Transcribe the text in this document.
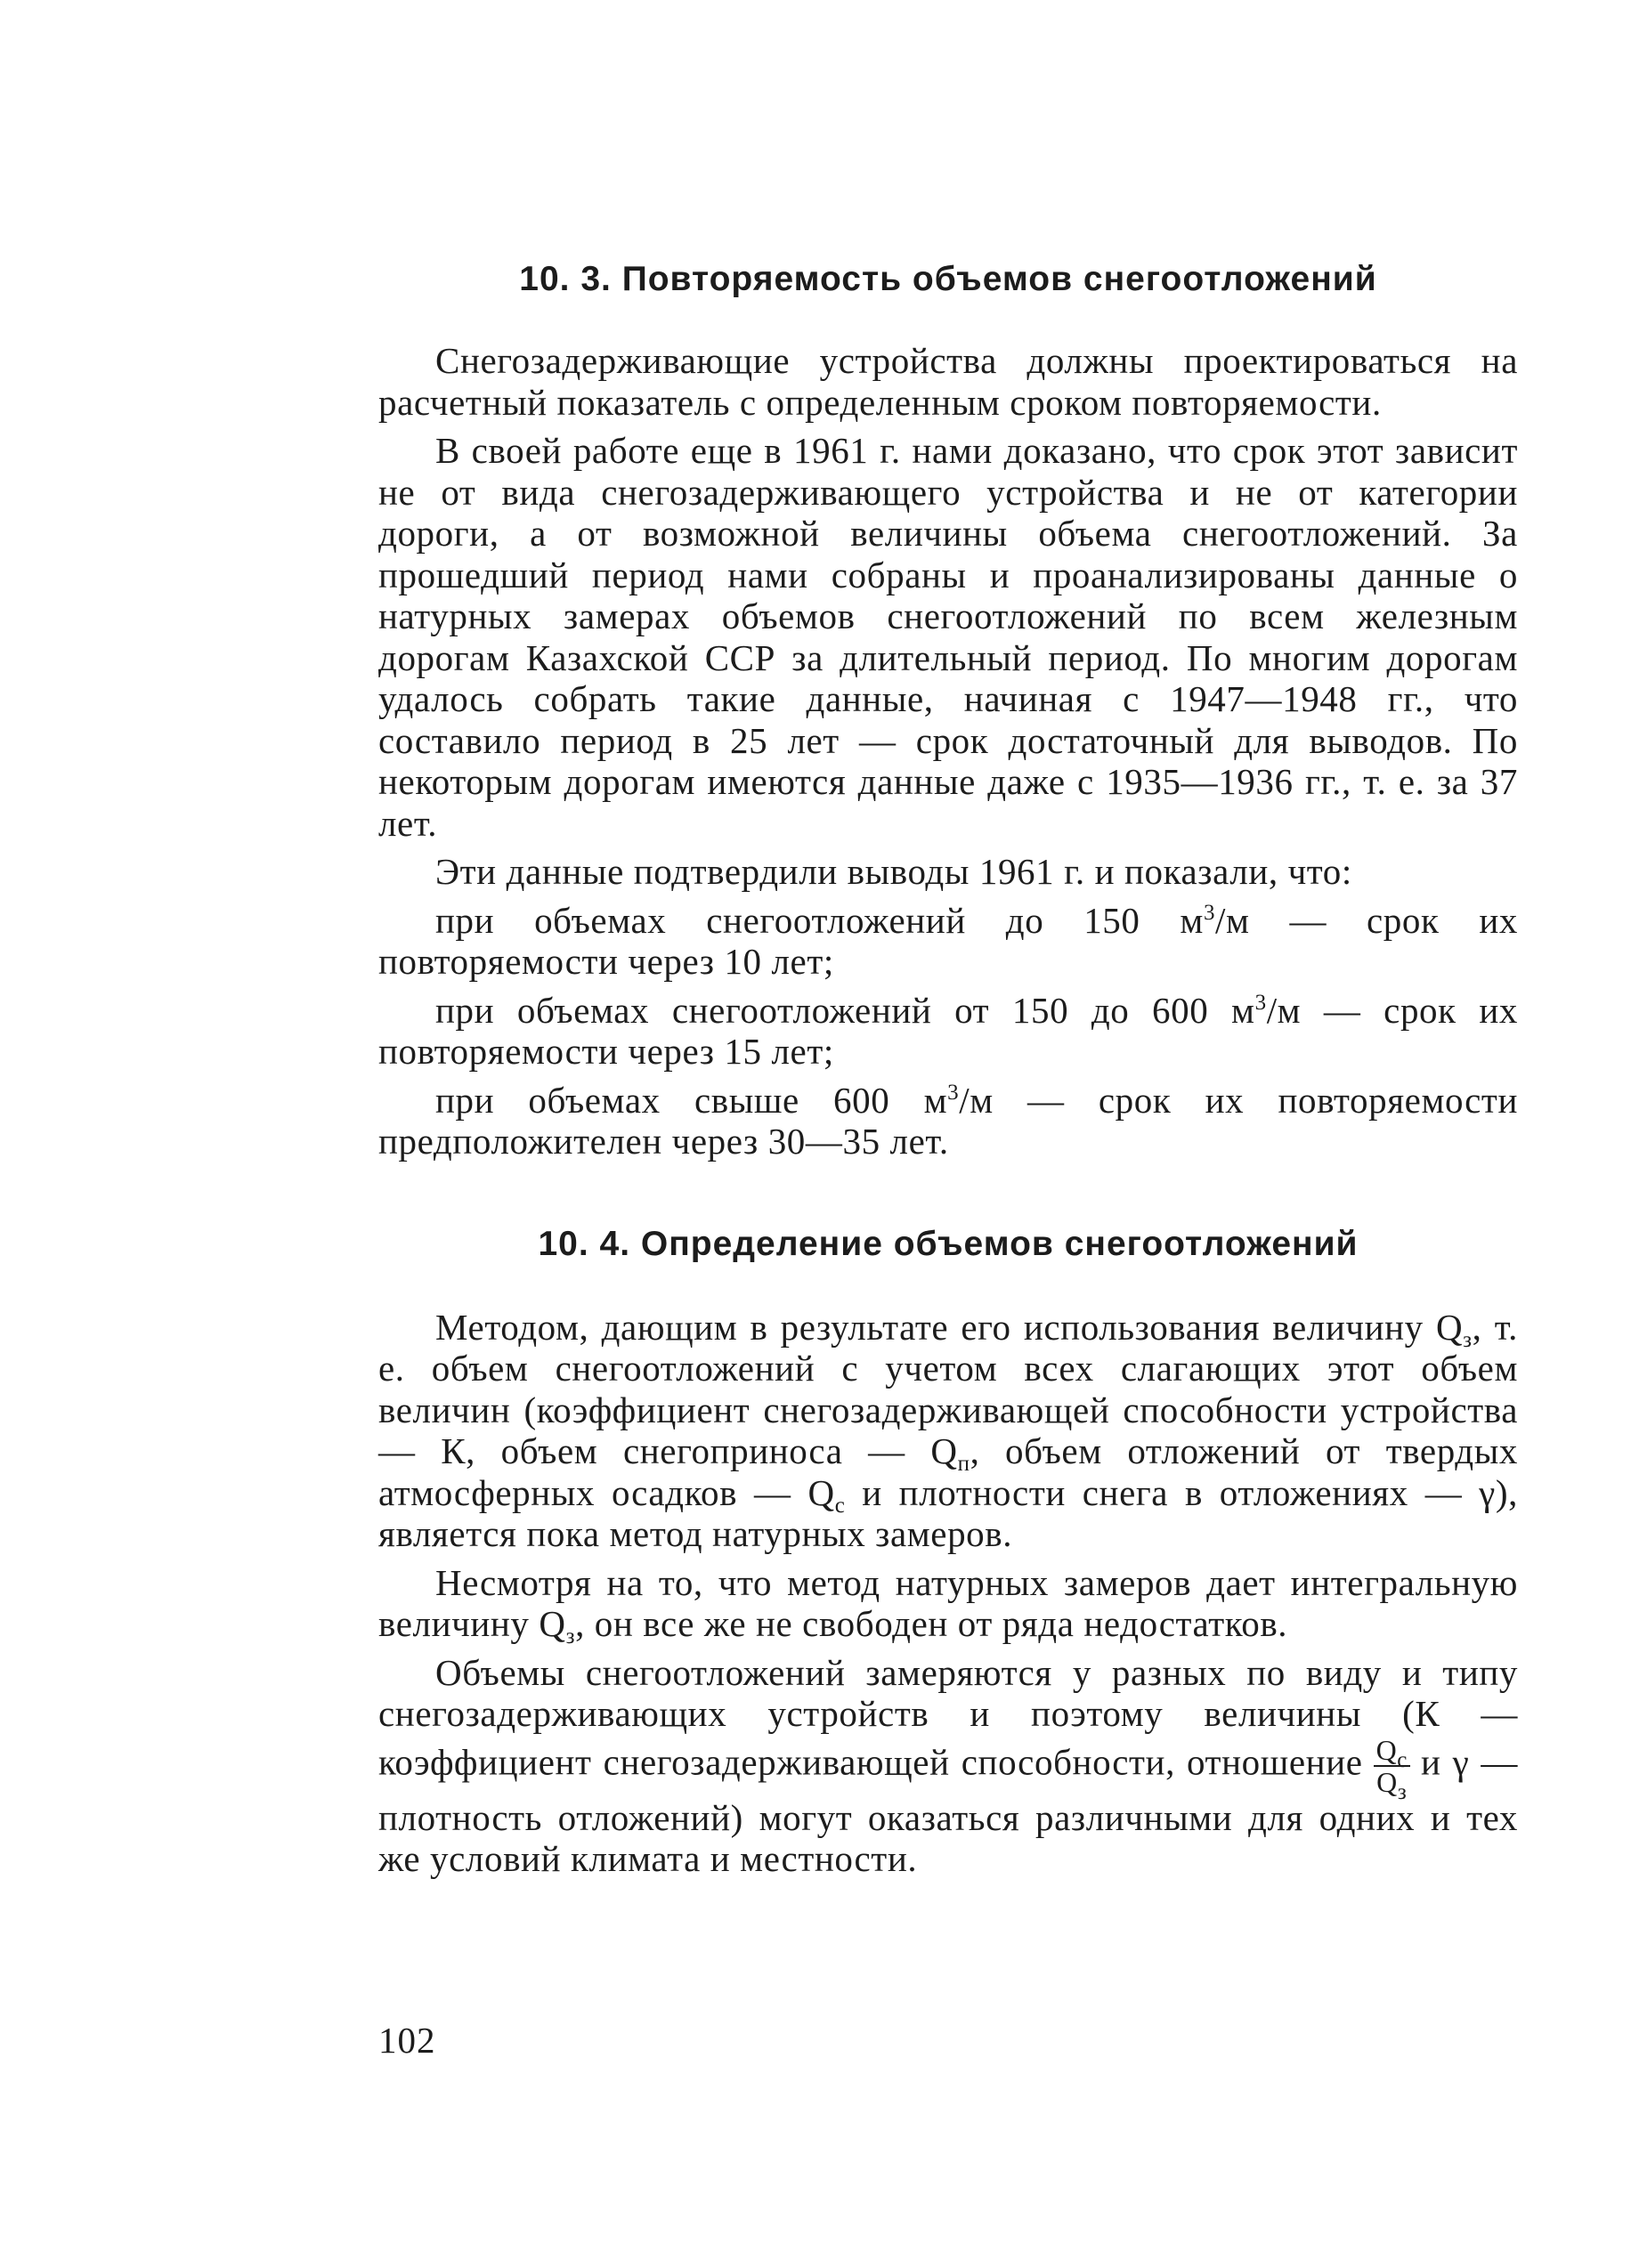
10. 3. Повторяемость объемов снегоотложений

Снегозадерживающие устройства должны проектироваться на расчетный показатель с определенным сроком повторяемости.

В своей работе еще в 1961 г. нами доказано, что срок этот зависит не от вида снегозадерживающего устройства и не от категории дороги, а от возможной величины объема снегоотложений. За прошедший период нами собраны и проанализированы данные о натурных замерах объемов снегоотложений по всем железным дорогам Казахской ССР за длительный период. По многим дорогам удалось собрать такие данные, начиная с 1947—1948 гг., что составило период в 25 лет — срок достаточный для выводов. По некоторым дорогам имеются данные даже с 1935—1936 гг., т. е. за 37 лет.

Эти данные подтвердили выводы 1961 г. и показали, что:

при объемах снегоотложений до 150 $м^3/м$ — срок их повторяемости через 10 лет;

при объемах снегоотложений от 150 до 600 $м^3/м$ — срок их повторяемости через 15 лет;

при объемах свыше 600 $м^3/м$ — срок их повторяемости предположителен через 30—35 лет.

10. 4. Определение объемов снегоотложений

Методом, дающим в результате его использования величину $Q_з$, т. е. объем снегоотложений с учетом всех слагающих этот объем величин (коэффициент снегозадерживающей способности устройства — К, объем снегоприноса — $Q_п$, объем отложений от твердых атмосферных осадков — $Q_с$ и плотности снега в отложениях — γ), является пока метод натурных замеров.

Несмотря на то, что метод натурных замеров дает интегральную величину $Q_з$, он все же не свободен от ряда недостатков.

Объемы снегоотложений замеряются у разных по виду и типу снегозадерживающих устройств и поэтому величины (К — коэффициент снегозадерживающей способности, отношение $\frac{Q_с}{Q_з}$ и γ — плотность отложений) могут оказаться различными для одних и тех же условий климата и местности.

102
